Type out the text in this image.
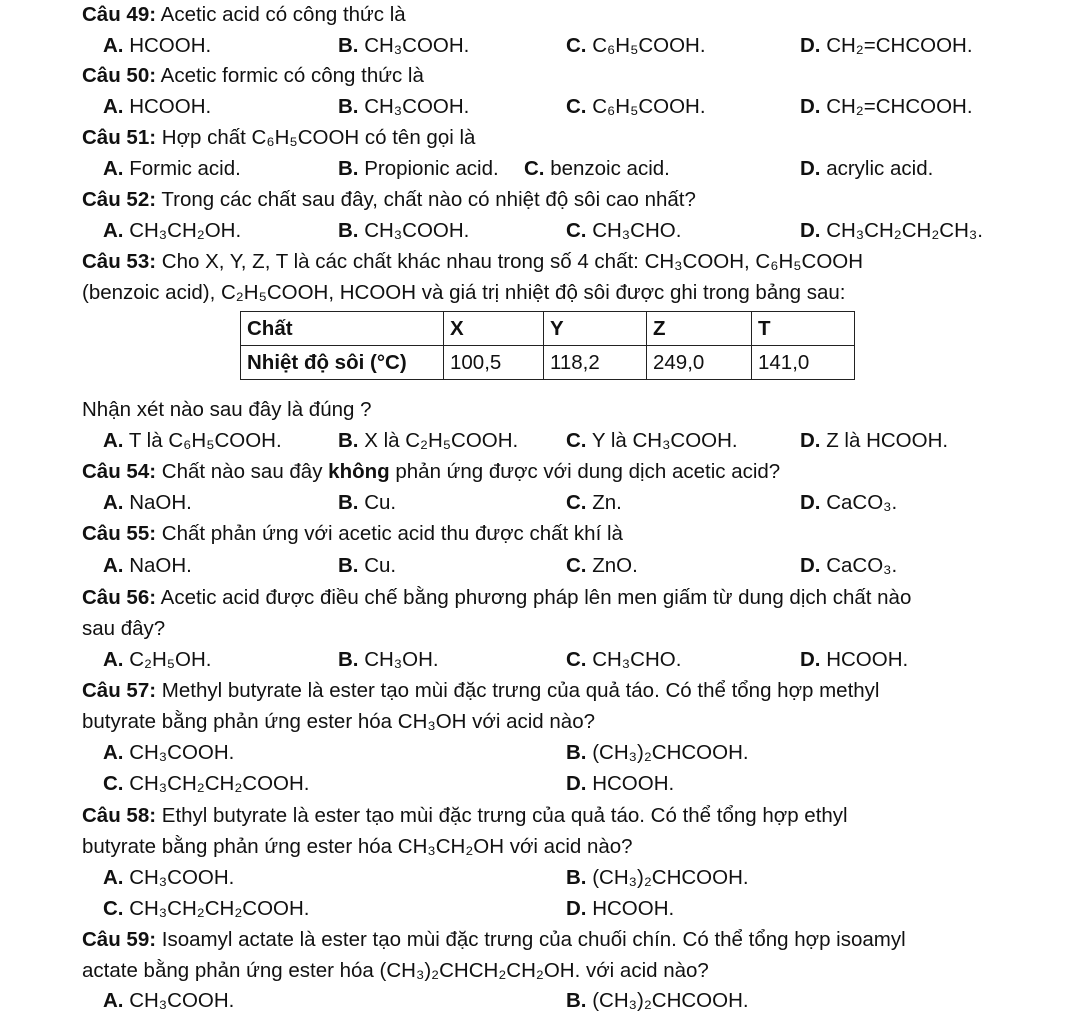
Câu 49: Acetic acid có công thức là
A. HCOOH.	B. CH₃COOH.	C. C₆H₅COOH.	D. CH₂=CHCOOH.
Câu 50: Acetic formic có công thức là
A. HCOOH.	B. CH₃COOH.	C. C₆H₅COOH.	D. CH₂=CHCOOH.
Câu 51: Hợp chất C₆H₅COOH có tên gọi là
A. Formic acid.	B. Propionic acid. C. benzoic acid.	D. acrylic acid.
Câu 52: Trong các chất sau đây, chất nào có nhiệt độ sôi cao nhất?
A. CH₃CH₂OH.	B. CH₃COOH.	C. CH₃CHO.	D. CH₃CH₂CH₂CH₃.
Câu 53: Cho X, Y, Z, T là các chất khác nhau trong số 4 chất: CH₃COOH, C₆H₅COOH
(benzoic acid), C₂H₅COOH, HCOOH và giá trị nhiệt độ sôi được ghi trong bảng sau:
Chất	X	Y	Z	T
Nhiệt độ sôi (°C)	100,5	118,2	249,0	141,0
Nhận xét nào sau đây là đúng ?
A. T là C₆H₅COOH.	B. X là C₂H₅COOH. C. Y là CH₃COOH.	D. Z là HCOOH.
Câu 54: Chất nào sau đây không phản ứng được với dung dịch acetic acid?
A. NaOH.	B. Cu.	C. Zn.	D. CaCO₃.
Câu 55: Chất phản ứng với acetic acid thu được chất khí là
A. NaOH.	B. Cu.	C. ZnO.	D. CaCO₃.
Câu 56: Acetic acid được điều chế bằng phương pháp lên men giấm từ dung dịch chất nào
sau đây?
A. C₂H₅OH.	B. CH₃OH.	C. CH₃CHO.	D. HCOOH.
Câu 57: Methyl butyrate là ester tạo mùi đặc trưng của quả táo. Có thể tổng hợp methyl
butyrate bằng phản ứng ester hóa CH₃OH với acid nào?
A. CH₃COOH.	B. (CH₃)₂CHCOOH.
C. CH₃CH₂CH₂COOH.	D. HCOOH.
Câu 58: Ethyl butyrate là ester tạo mùi đặc trưng của quả táo. Có thể tổng hợp ethyl
butyrate bằng phản ứng ester hóa CH₃CH₂OH với acid nào?
A. CH₃COOH.	B. (CH₃)₂CHCOOH.
C. CH₃CH₂CH₂COOH.	D. HCOOH.
Câu 59: Isoamyl actate là ester tạo mùi đặc trưng của chuối chín. Có thể tổng hợp isoamyl
actate bằng phản ứng ester hóa (CH₃)₂CHCH₂CH₂OH. với acid nào?
A. CH₃COOH.	B. (CH₃)₂CHCOOH.
